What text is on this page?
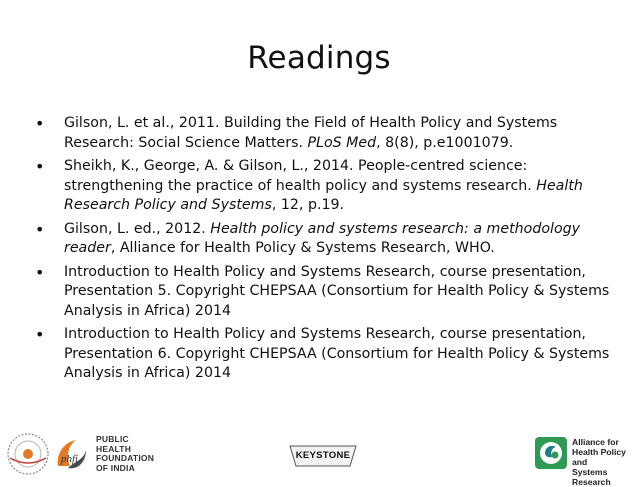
Readings
• Gilson, L. et al., 2011. Building the Field of Health Policy and Systems Research: Social Science Matters. PLoS Med, 8(8), p.e1001079.
• Sheikh, K., George, A. & Gilson, L., 2014. People-centred science: strengthening the practice of health policy and systems research. Health Research Policy and Systems, 12, p.19.
• Gilson, L. ed., 2012. Health policy and systems research: a methodology reader, Alliance for Health Policy & Systems Research, WHO.
• Introduction to Health Policy and Systems Research, course presentation, Presentation 5. Copyright CHEPSAA (Consortium for Health Policy & Systems Analysis in Africa) 2014
• Introduction to Health Policy and Systems Research, course presentation, Presentation 6. Copyright CHEPSAA (Consortium for Health Policy & Systems Analysis in Africa) 2014
phfi
PUBLIC
HEALTH
FOUNDATION
OF INDIA
KEYSTONE
Alliance for
Health Policy and
Systems Research
